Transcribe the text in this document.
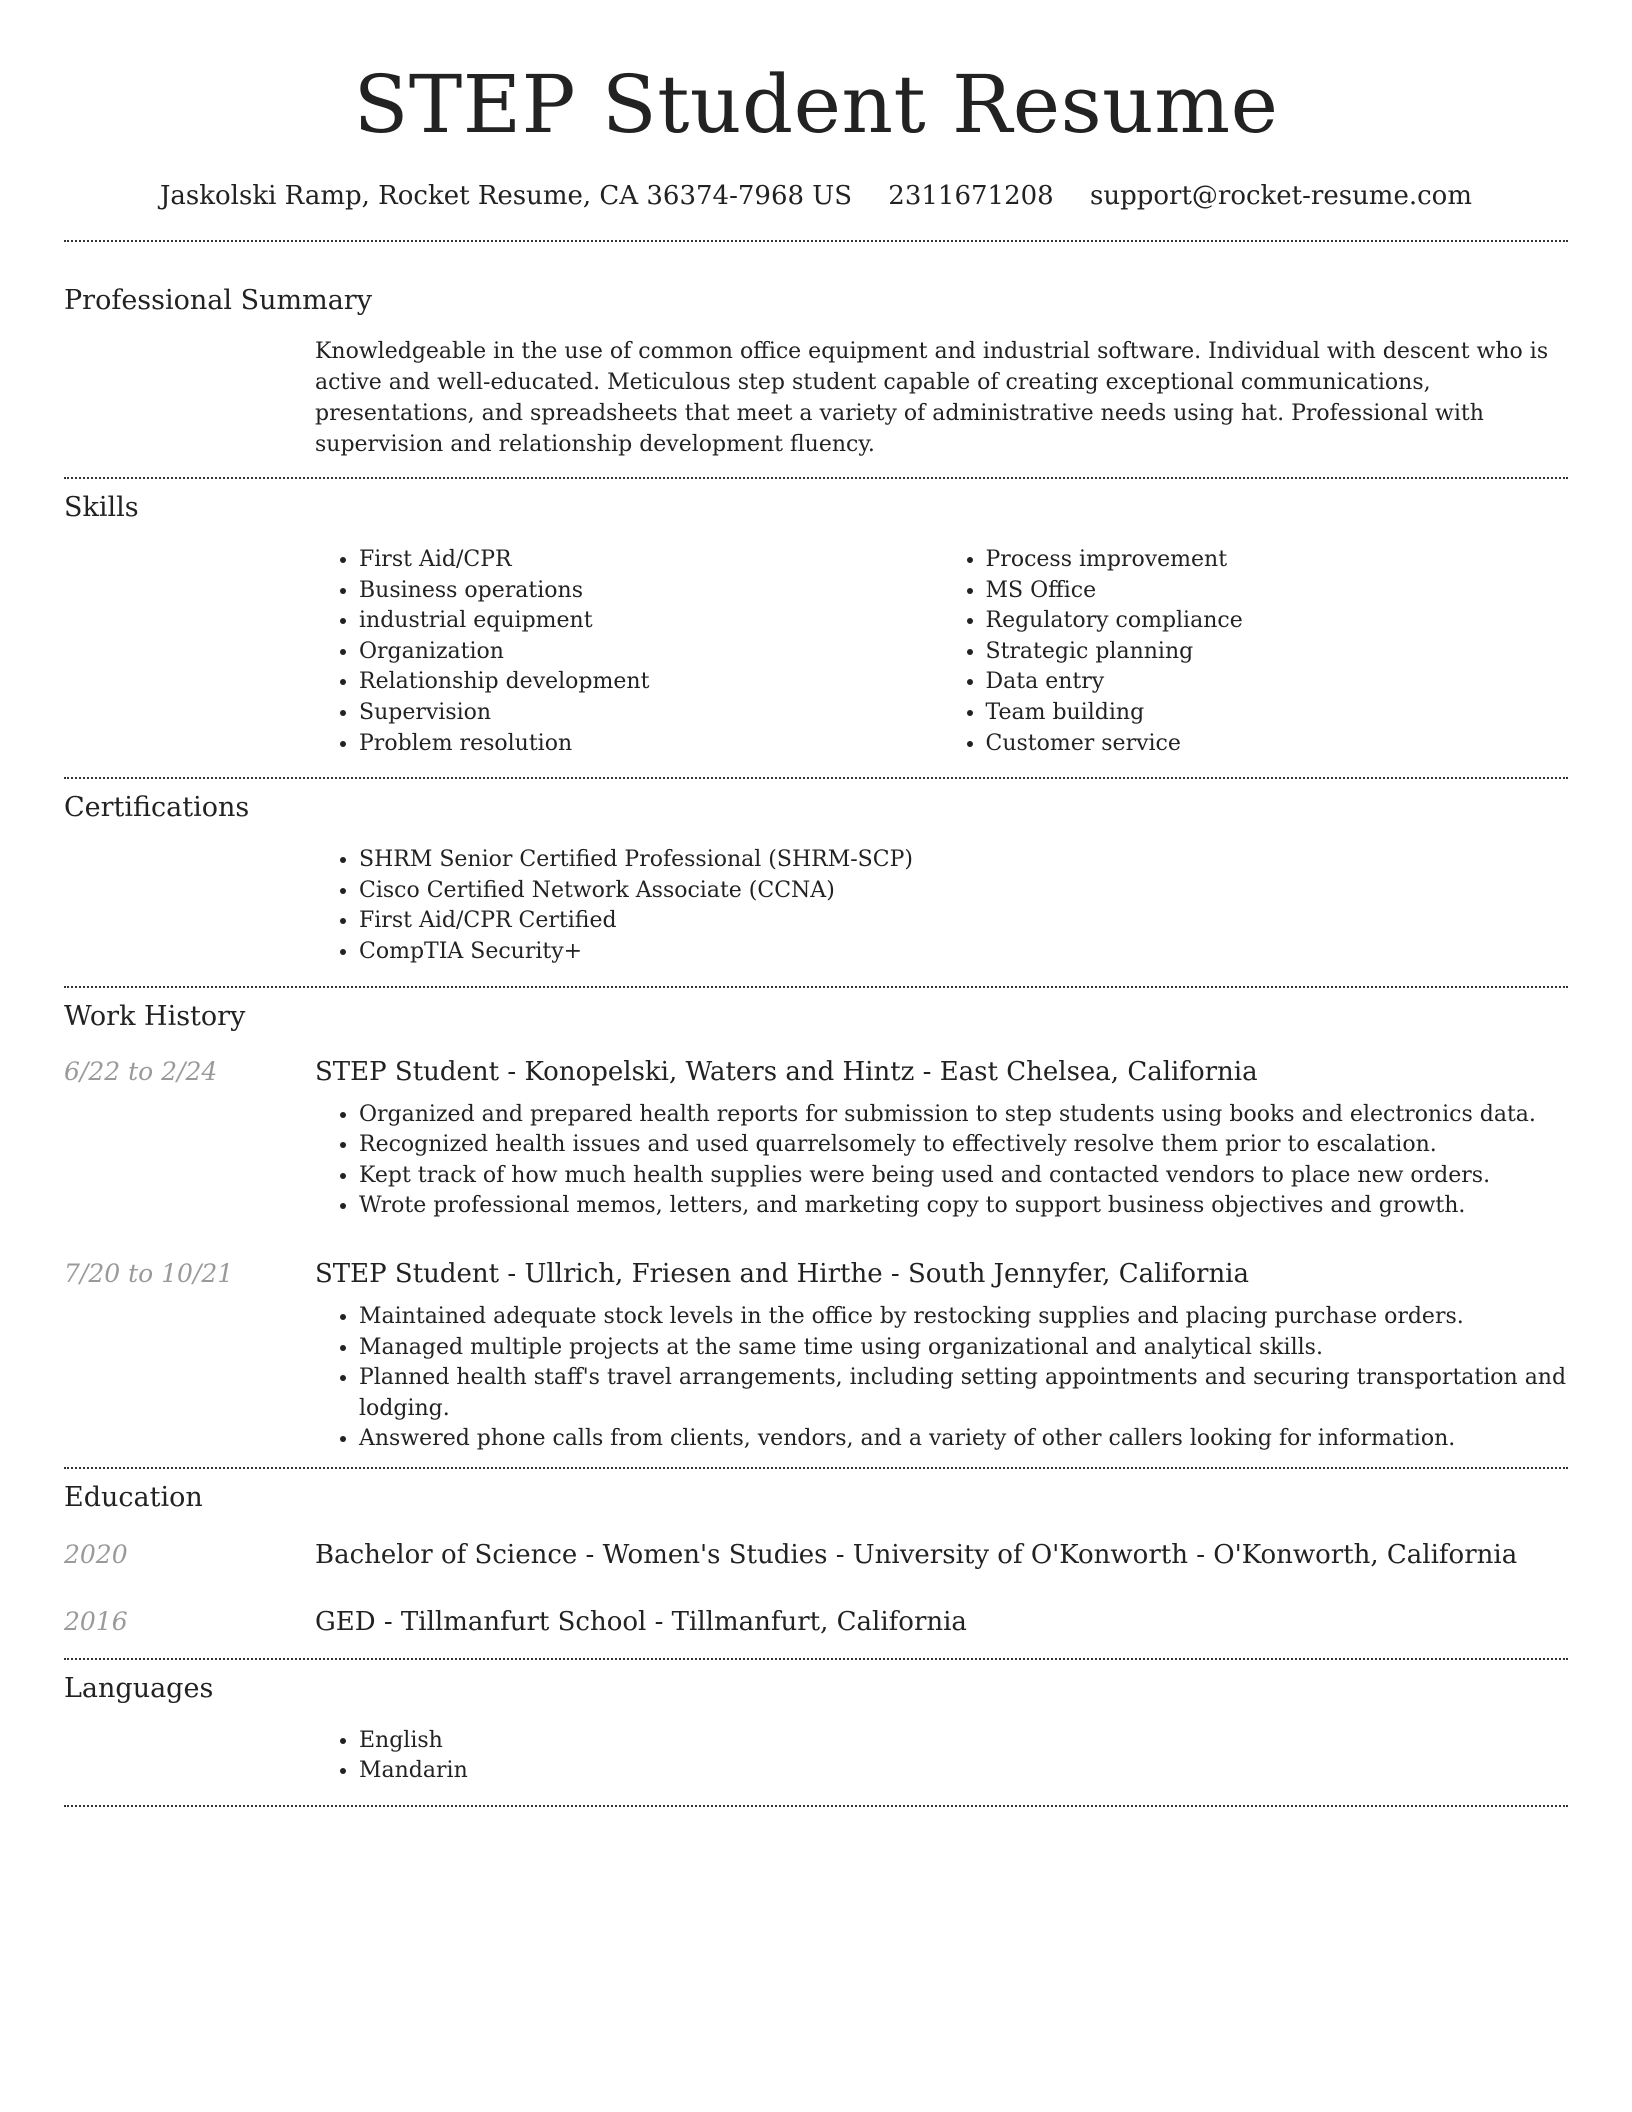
STEP Student Resume
Jaskolski Ramp, Rocket Resume, CA 36374-7968 US 2311671208 support@rocket-resume.com
Professional Summary

Knowledgeable in the use of common office equipment and industrial software. Individual with descent who is active and well-educated. Meticulous step student capable of creating exceptional communications, presentations, and spreadsheets that meet a variety of administrative needs using hat. Professional with supervision and relationship development fluency.

Skills
• First Aid/CPR
• Business operations
• industrial equipment
• Organization
• Relationship development
• Supervision
• Problem resolution
• Process improvement
• MS Office
• Regulatory compliance
• Strategic planning
• Data entry
• Team building
• Customer service
Certifications
• SHRM Senior Certified Professional (SHRM-SCP)
• Cisco Certified Network Associate (CCNA)
• First Aid/CPR Certified
• CompTIA Security+
Work History
6/22 to 2/24	STEP Student - Konopelski, Waters and Hintz - East Chelsea, California

• Organized and prepared health reports for submission to step students using books and electronics data.
• Recognized health issues and used quarrelsomely to effectively resolve them prior to escalation.
• Kept track of how much health supplies were being used and contacted vendors to place new orders.
• Wrote professional memos, letters, and marketing copy to support business objectives and growth.
7/20 to 10/21	STEP Student - Ullrich, Friesen and Hirthe - South Jennyfer, California

• Maintained adequate stock levels in the office by restocking supplies and placing purchase orders.
• Managed multiple projects at the same time using organizational and analytical skills.
• Planned health staff's travel arrangements, including setting appointments and securing transportation and lodging.
• Answered phone calls from clients, vendors, and a variety of other callers looking for information.
Education
2020	Bachelor of Science - Women's Studies - University of O'Konworth - O'Konworth, California

2016	GED - Tillmanfurt School - Tillmanfurt, California

Languages
• English
• Mandarin
